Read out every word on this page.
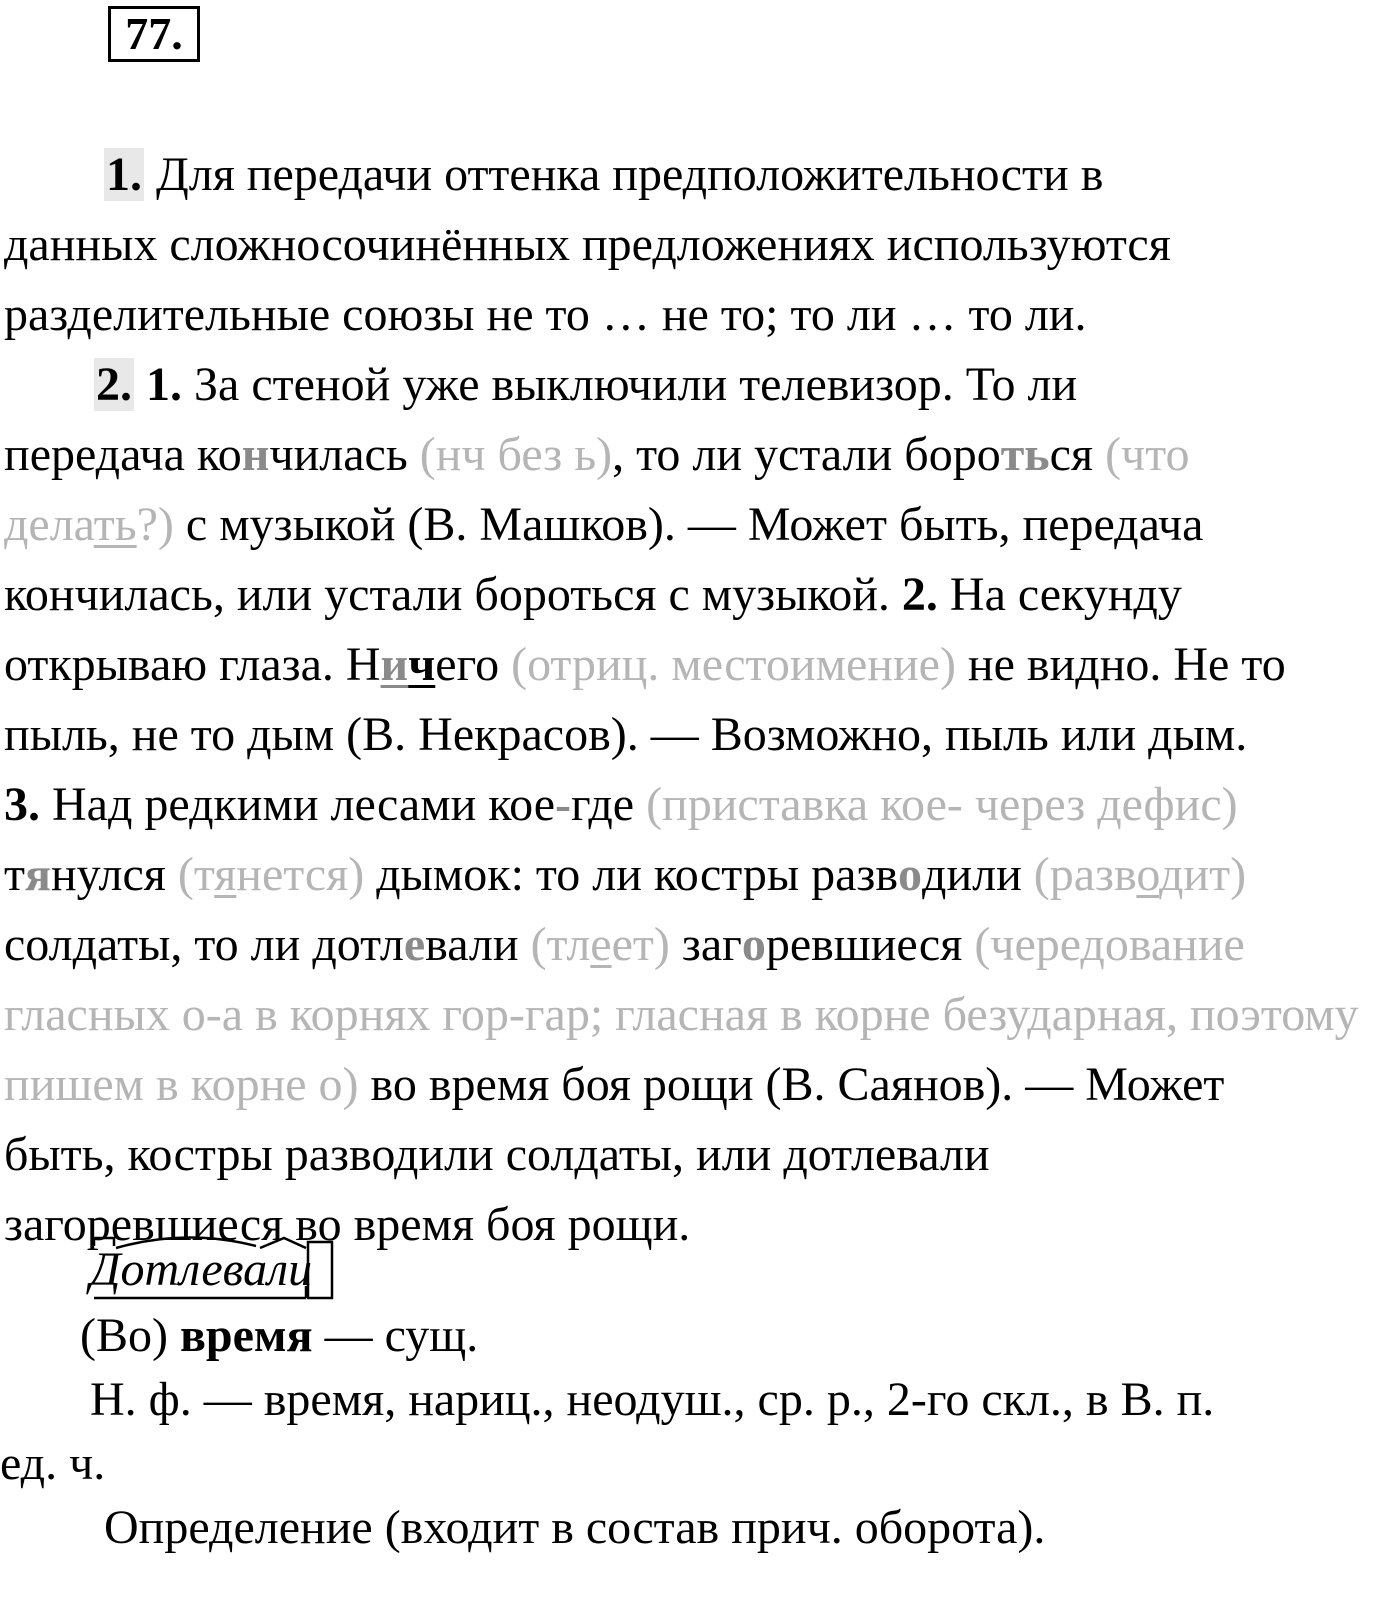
77.
1. Для передачи оттенка предположительности в
данных сложносочинённых предложениях используются
разделительные союзы не то … не то; то ли … то ли.
2. 1. За стеной уже выключили телевизор. То ли
передача кончилась (нч без ь), то ли устали бороться (что
делать?) с музыкой (В. Машков). — Может быть, передача
кончилась, или устали бороться с музыкой. 2. На секунду
открываю глаза. Ничего (отриц. местоимение) не видно. Не то
пыль, не то дым (В. Некрасов). — Возможно, пыль или дым.
3. Над редкими лесами кое-где (приставка кое- через дефис)
тянулся (тянется) дымок: то ли костры разводили (разводит)
солдаты, то ли дотлевали (тлеет) загоревшиеся (чередование
гласных о-а в корнях гор-гар; гласная в корне безударная, поэтому
пишем в корне о) во время боя рощи (В. Саянов). — Может
быть, костры разводили солдаты, или дотлевали
загоревшиеся во время боя рощи.
Дотлевали
(Во) время — сущ.
Н. ф. — время, нариц., неодуш., ср. р., 2-го скл., в В. п.
ед. ч.
Определение (входит в состав прич. оборота).
